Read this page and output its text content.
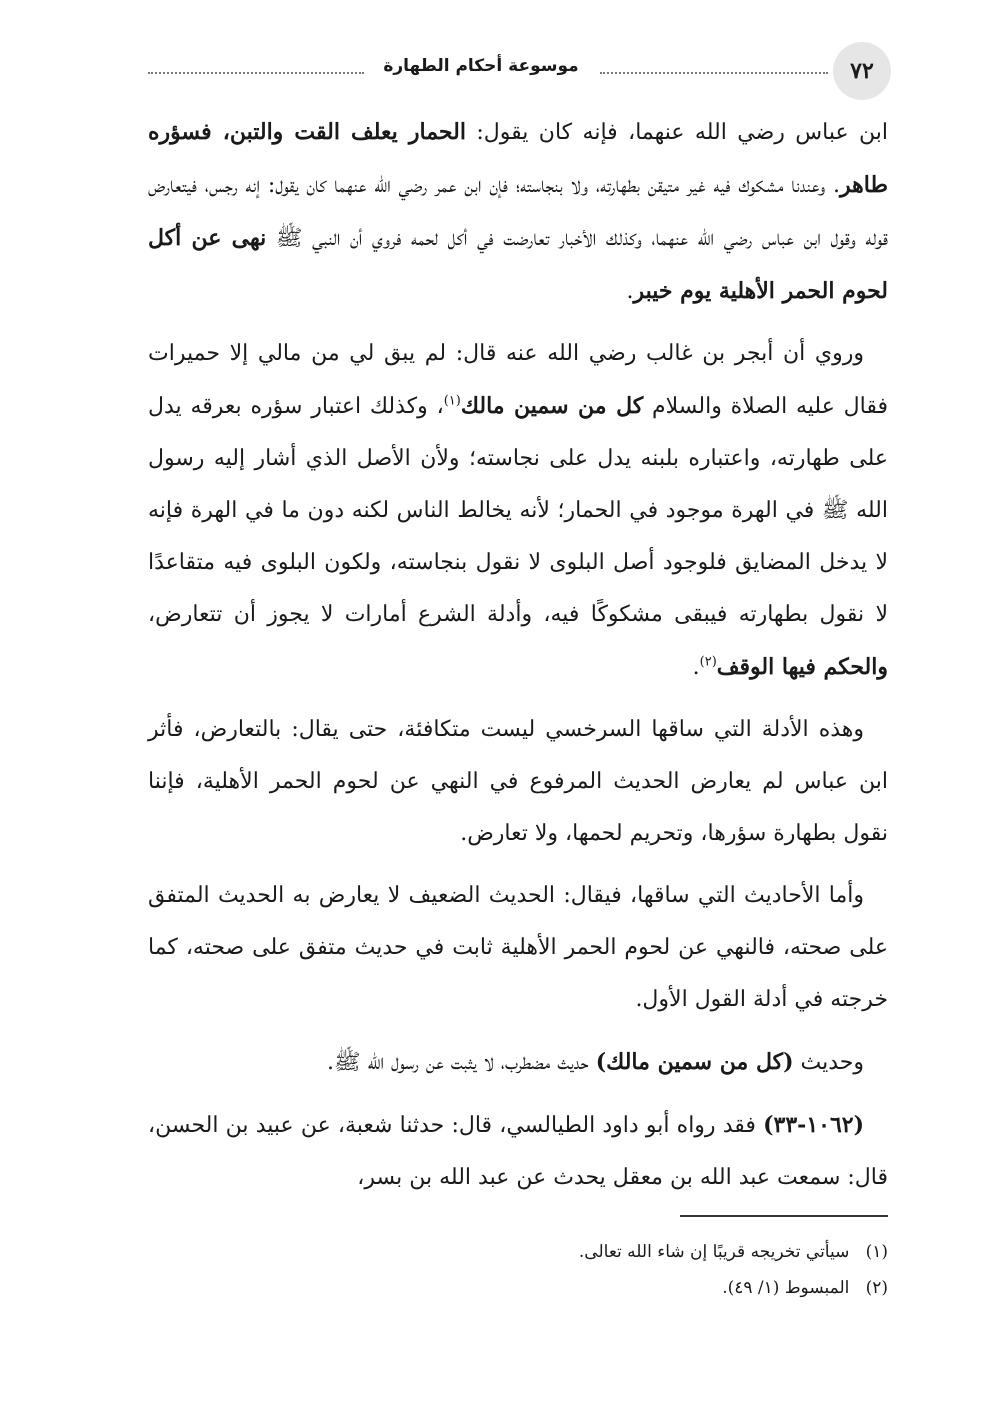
٧٢
موسوعة أحكام الطهارة

ابن عباس رضي الله عنهما، فإنه كان يقول: الحمار يعلف القت والتبن، فسؤره طاهر. وعندنا مشكوك فيه غير متيقن بطهارته، ولا بنجاسته؛ فإن ابن عمر رضي الله عنهما كان يقول: إنه رجس، فيتعارض قوله وقول ابن عباس رضي الله عنهما، وكذلك الأخبار تعارضت في أكل لحمه فروي أن النبي ﷺ نهى عن أكل لحوم الحمر الأهلية يوم خيبر.

وروي أن أبجر بن غالب رضي الله عنه قال: لم يبق لي من مالي إلا حميرات فقال عليه الصلاة والسلام كل من سمين مالك$^{(١)}$، وكذلك اعتبار سؤره بعرقه يدل على طهارته، واعتباره بلبنه يدل على نجاسته؛ ولأن الأصل الذي أشار إليه رسول الله ﷺ في الهرة موجود في الحمار؛ لأنه يخالط الناس لكنه دون ما في الهرة فإنه لا يدخل المضايق فلوجود أصل البلوى لا نقول بنجاسته، ولكون البلوى فيه متقاعدًا لا نقول بطهارته فيبقى مشكوكًا فيه، وأدلة الشرع أمارات لا يجوز أن تتعارض، والحكم فيها الوقف$^{(٢)}$.

وهذه الأدلة التي ساقها السرخسي ليست متكافئة، حتى يقال: بالتعارض، فأثر ابن عباس لم يعارض الحديث المرفوع في النهي عن لحوم الحمر الأهلية، فإننا نقول بطهارة سؤرها، وتحريم لحمها، ولا تعارض.

وأما الأحاديث التي ساقها، فيقال: الحديث الضعيف لا يعارض به الحديث المتفق على صحته، فالنهي عن لحوم الحمر الأهلية ثابت في حديث متفق على صحته، كما خرجته في أدلة القول الأول.

وحديث (كل من سمين مالك) حديث مضطرب، لا يثبت عن رسول الله ﷺ.

(١٠٦٢-٣٣) فقد رواه أبو داود الطيالسي، قال: حدثنا شعبة، عن عبيد بن الحسن، قال: سمعت عبد الله بن معقل يحدث عن عبد الله بن بسر،

(١)   سيأتي تخريجه قريبًا إن شاء الله تعالى.
(٢)   المبسوط (١/ ٤٩).
